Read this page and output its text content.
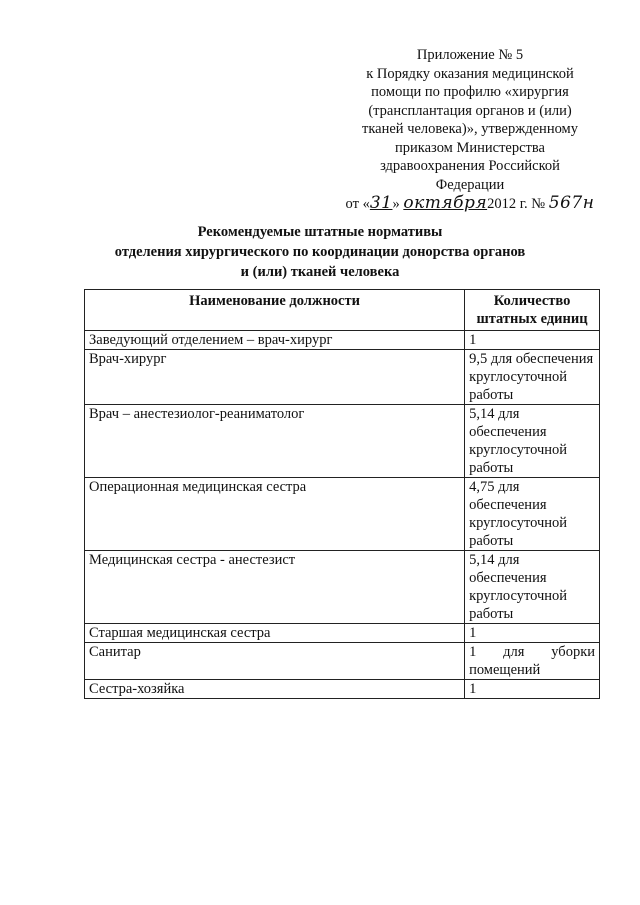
Приложение № 5
к Порядку оказания медицинской
помощи по профилю «хирургия
(трансплантация органов и (или)
тканей человека)», утвержденному
приказом Министерства
здравоохранения Российской
Федерации
от «31» октября2012 г. № 567н
Рекомендуемые штатные нормативы
отделения хирургического по координации донорства органов
и (или) тканей человека
Наименование должности	Количество штатных единиц
Заведующий отделением – врач-хирург	1
Врач-хирург	9,5 для обеспечения круглосуточной работы
Врач – анестезиолог-реаниматолог	5,14 для обеспечения круглосуточной работы
Операционная медицинская сестра	4,75 для обеспечения круглосуточной работы
Медицинская сестра - анестезист	5,14 для обеспечения круглосуточной работы
Старшая медицинская сестра	1
Санитар	1 для уборки помещений
Сестра-хозяйка	1
